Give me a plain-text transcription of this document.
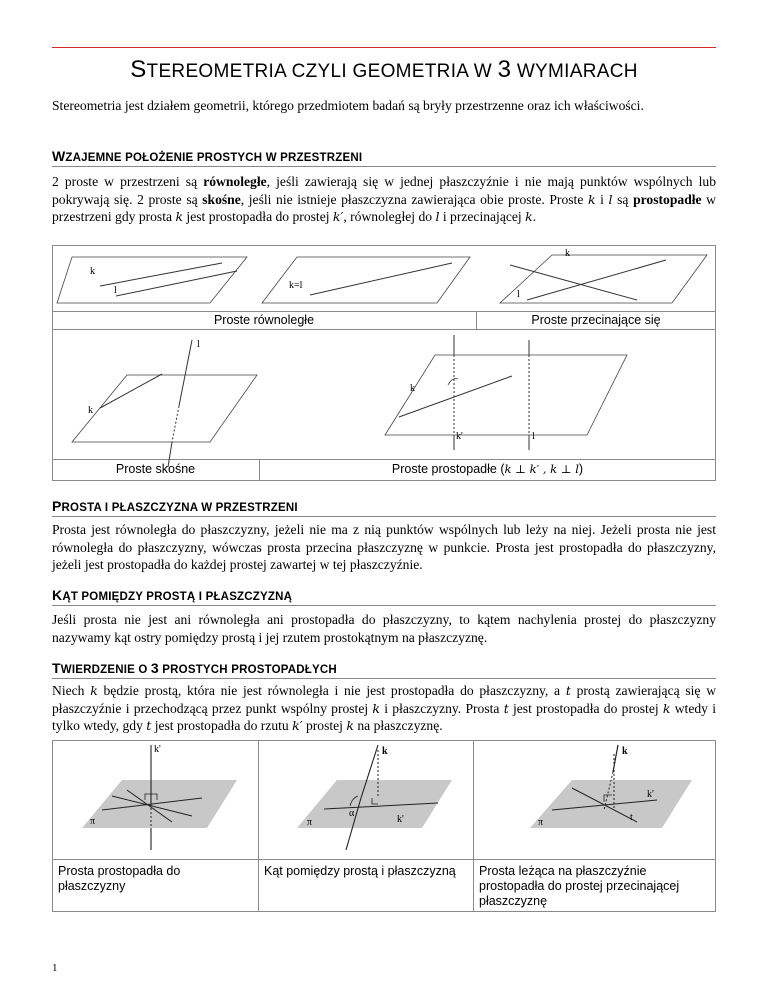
STEREOMETRIA CZYLI GEOMETRIA W 3 WYMIARACH

Stereometria jest działem geometrii, którego przedmiotem badań są bryły przestrzenne oraz ich właściwości.

WZAJEMNE POŁOŻENIE PROSTYCH W PRZESTRZENI

2 proste w przestrzeni są równoległe, jeśli zawierają się w jednej płaszczyźnie i nie mają punktów wspólnych lub pokrywają się. 2 proste są skośne, jeśli nie istnieje płaszczyzna zawierająca obie proste. Proste k i l są prostopadłe w przestrzeni gdy prosta k jest prostopadła do prostej k′, równoległej do l i przecinającej k.

k
l	k=l
k
l
l
k
k
k'	l
Proste równoległe	Proste przecinające się
Proste skośne	Proste prostopadłe (k ⊥ k′ , k ⊥ l)
PROSTA I PŁASZCZYZNA W PRZESTRZENI

Prosta jest równoległa do płaszczyzny, jeżeli nie ma z nią punktów wspólnych lub leży na niej. Jeżeli prosta nie jest równoległa do płaszczyzny, wówczas prosta przecina płaszczyznę w punkcie. Prosta jest prostopadła do płaszczyzny, jeżeli jest prostopadła do każdej prostej zawartej w tej płaszczyźnie.

KĄT POMIĘDZY PROSTĄ I PŁASZCZYZNĄ

Jeśli prosta nie jest ani równoległa ani prostopadła do płaszczyzny, to kątem nachylenia prostej do płaszczyzny nazywamy kąt ostry pomiędzy prostą i jej rzutem prostokątnym na płaszczyznę.

TWIERDZENIE O 3 PROSTYCH PROSTOPADŁYCH

Niech k będzie prostą, która nie jest równoległa i nie jest prostopadła do płaszczyzny, a t prostą zawierającą się w płaszczyźnie i przechodzącą przez punkt wspólny prostej k i płaszczyzny. Prosta t jest prostopadła do prostej k wtedy i tylko wtedy, gdy t jest prostopadła do rzutu k′ prostej k na płaszczyznę.

k'
π
k
α
k'
π
k
k'
t
π
Prosta prostopadła do płaszczyzny
Kąt pomiędzy prostą i płaszczyzną	Prosta leżąca na płaszczyźnie prostopadła do prostej przecinającej płaszczyznę
1
